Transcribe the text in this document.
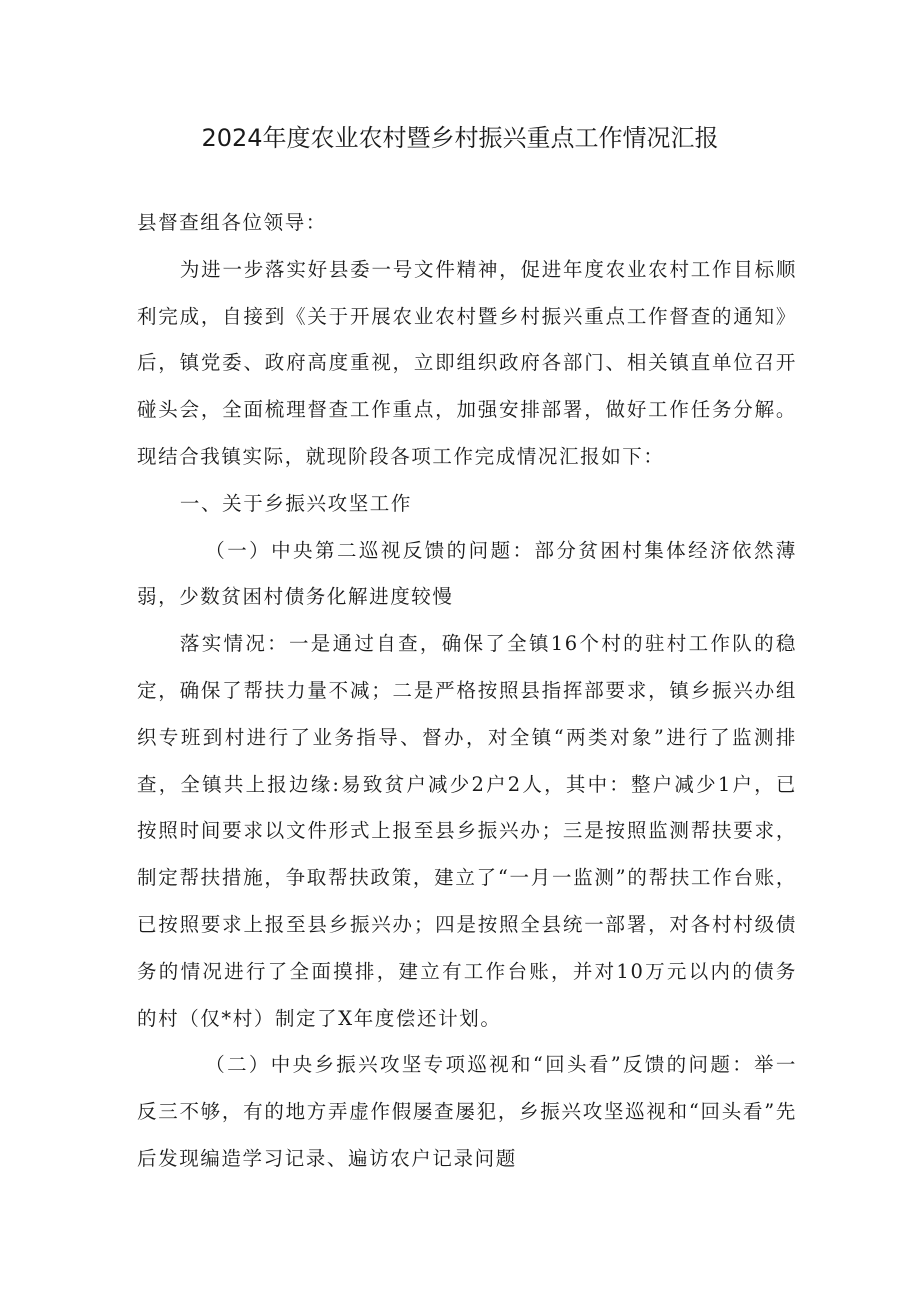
2024年度农业农村暨乡村振兴重点工作情况汇报

县督查组各位领导：

为进一步落实好县委一号文件精神，促进年度农业农村工作目标顺利完成，自接到《关于开展农业农村暨乡村振兴重点工作督查的通知》后，镇党委、政府高度重视，立即组织政府各部门、相关镇直单位召开碰头会，全面梳理督查工作重点，加强安排部署，做好工作任务分解。现结合我镇实际，就现阶段各项工作完成情况汇报如下：

一、关于乡振兴攻坚工作

（一）中央第二巡视反馈的问题：部分贫困村集体经济依然薄弱，少数贫困村债务化解进度较慢

落实情况：一是通过自查，确保了全镇16个村的驻村工作队的稳定，确保了帮扶力量不减；二是严格按照县指挥部要求，镇乡振兴办组织专班到村进行了业务指导、督办，对全镇“两类对象”进行了监测排查，全镇共上报边缘:易致贫户减少2户2人，其中：整户减少1户，已按照时间要求以文件形式上报至县乡振兴办；三是按照监测帮扶要求，制定帮扶措施，争取帮扶政策，建立了“一月一监测”的帮扶工作台账，已按照要求上报至县乡振兴办；四是按照全县统一部署，对各村村级债务的情况进行了全面摸排，建立有工作台账，并对10万元以内的债务的村（仅*村）制定了X年度偿还计划。

（二）中央乡振兴攻坚专项巡视和“回头看”反馈的问题：举一反三不够，有的地方弄虚作假屡查屡犯，乡振兴攻坚巡视和“回头看”先后发现编造学习记录、遍访农户记录问题
